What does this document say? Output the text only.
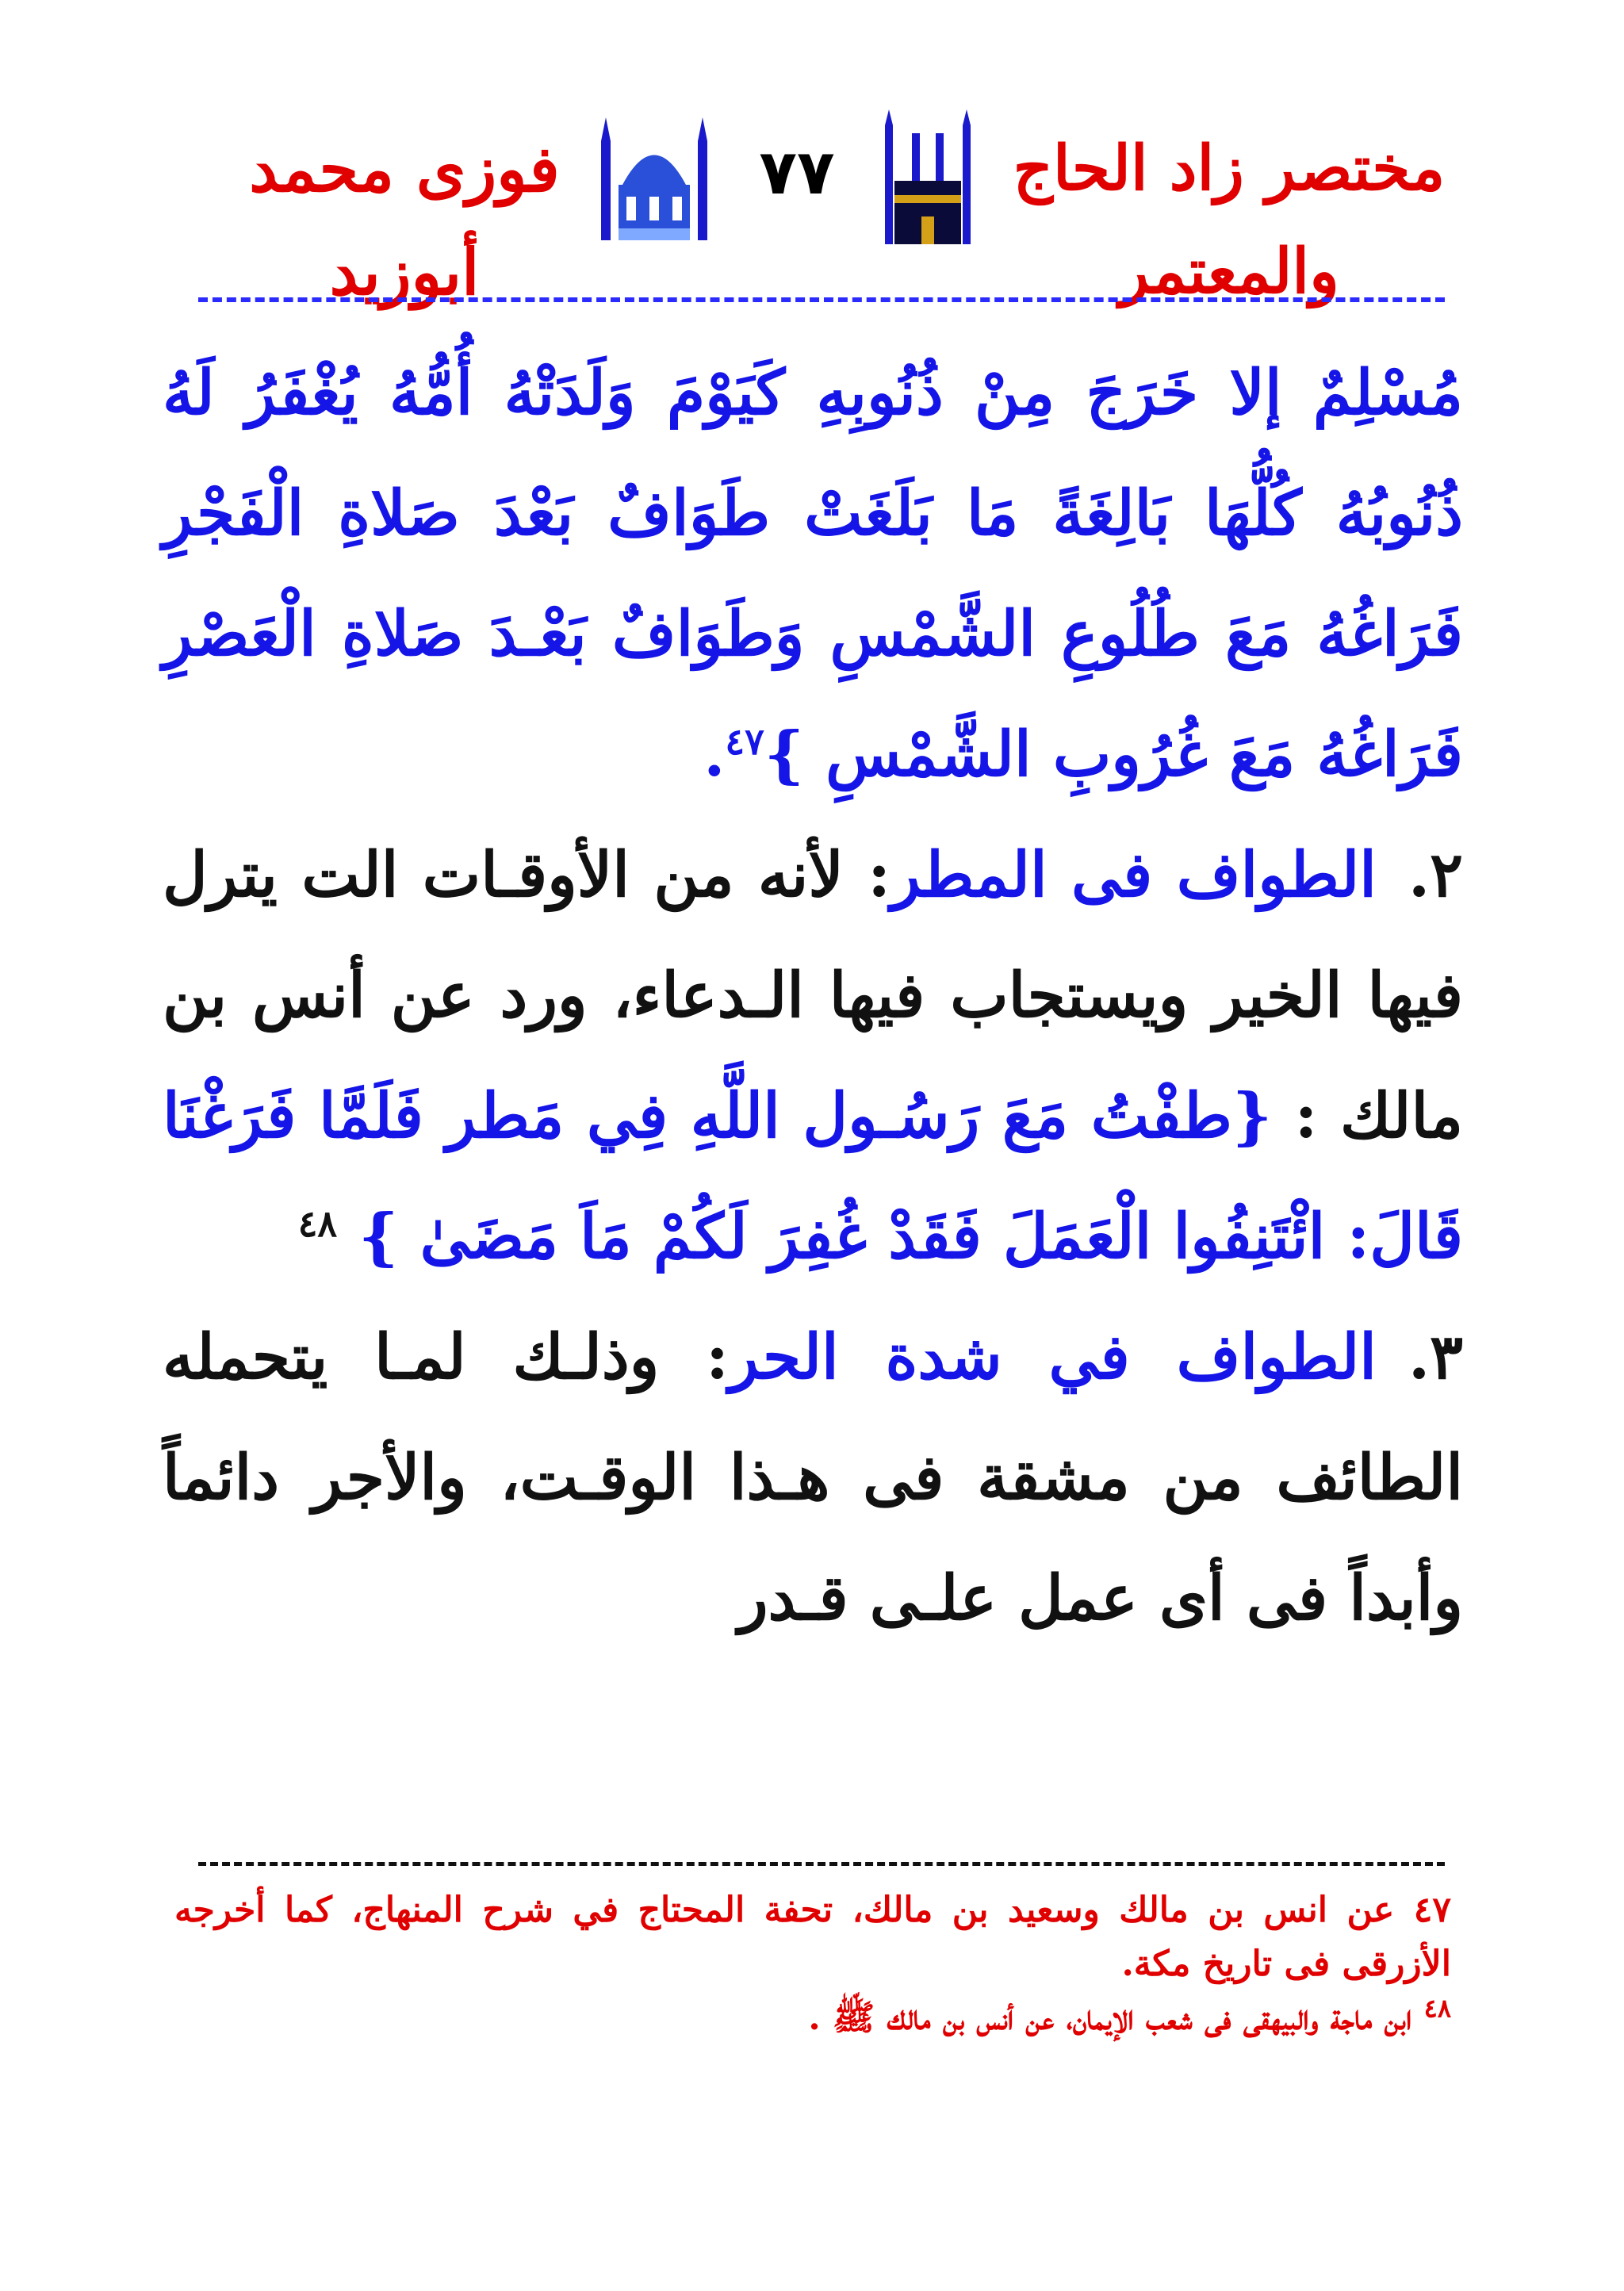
فوزى محمد أبوزيد
٧٧	مختصر زاد الحاج والمعتمر

مُسْلِمٌ إلا خَرَجَ مِنْ ذُنُوبِهِ كَيَوْمَ وَلَدَتْهُ أُمُّهُ يُغْفَرُ لَهُ ذُنُوبُهُ كُلُّهَا بَالِغَةً مَا بَلَغَتْ طَوَافٌ بَعْدَ صَلاةِ الْفَجْرِ فَرَاغُهُ مَعَ طُلُوعِ الشَّمْسِ وَطَوَافٌ بَعْـدَ صَلاةِ الْعَصْرِ فَرَاغُهُ مَعَ غُرُوبِ الشَّمْسِ }$^{٤٧}$.

٢.الطواف فى المطر: لأنه من الأوقـات الت يترل فيها الخير ويستجاب فيها الـدعاء، ورد عن أنس بن مالك : {طفْتُ مَعَ رَسُـول اللَّهِ فِي مَطر فَلَمَّا فَرَغْنَا قَالَ: ائْتَنِفُوا الْعَمَلَ فَقَدْ غُفِرَ لَكُمْ مَاَ مَضَىٰ } $^{٤٨}$

٣.الطواف في شدة الحر: وذلـك لمـا يتحمله الطائف من مشقة فى هـذا الوقـت، والأجر دائماً وأبداً فى أى عمل علـى قـدر

٤٧ عن انس بن مالك وسعيد بن مالك، تحفة المحتاج في شرح المنهاج، كما أخرجه الأزرقى فى تاريخ مكة.

$^{٤٨}$ ابن ماجة والبيهقى فى شعب الإيمان، عن أنس بن مالك ﷺ .
